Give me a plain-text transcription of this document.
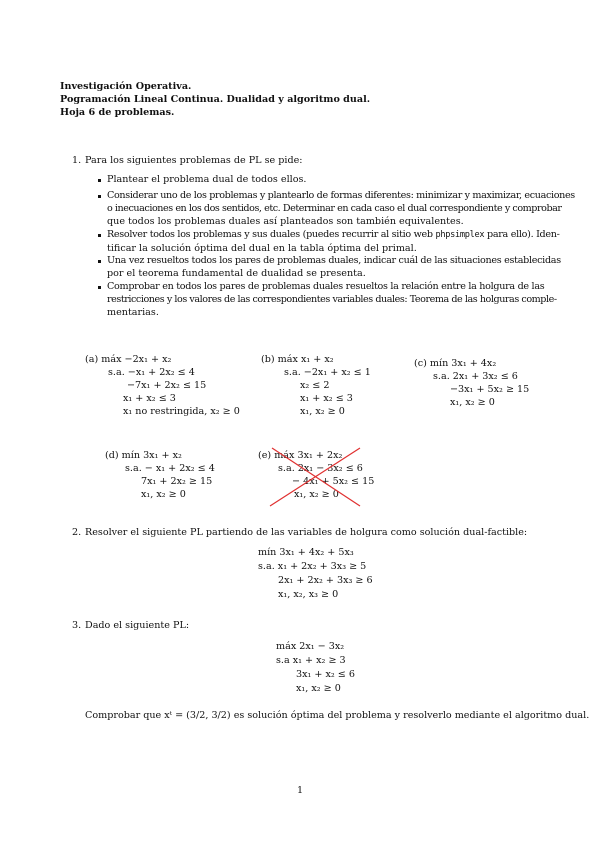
Investigación Operativa.
Pogramación Lineal Continua. Dualidad y algoritmo dual.
Hoja 6 de problemas.
1. Para los siguientes problemas de PL se pide:
Plantear el problema dual de todos ellos.
Considerar uno de los problemas y plantearlo de formas diferentes: minimizar y maximizar, ecuaciones
o inecuaciones en los dos sentidos, etc. Determinar en cada caso el dual correspondiente y comprobar
que todos los problemas duales así planteados son también equivalentes.
Resolver todos los problemas y sus duales (puedes recurrir al sitio web phpsimplex para ello). Iden-
tificar la solución óptima del dual en la tabla óptima del primal.
Una vez resueltos todos los pares de problemas duales, indicar cuál de las situaciones establecidas
por el teorema fundamental de dualidad se presenta.
Comprobar en todos los pares de problemas duales resueltos la relación entre la holgura de las
restricciones y los valores de las correspondientes variables duales: Teorema de las holguras comple-
mentarias.
(a) máx −2x₁ + x₂
s.a. −x₁ + 2x₂ ≤ 4
−7x₁ + 2x₂ ≤ 15
x₁ + x₂ ≤ 3
x₁ no restringida, x₂ ≥ 0
(b) máx x₁ + x₂
s.a. −2x₁ + x₂ ≤ 1
x₂ ≤ 2
x₁ + x₂ ≤ 3
x₁, x₂ ≥ 0
(c) mín 3x₁ + 4x₂
s.a. 2x₁ + 3x₂ ≤ 6
−3x₁ + 5x₂ ≥ 15
x₁, x₂ ≥ 0
(d) mín 3x₁ + x₂
s.a. − x₁ + 2x₂ ≤ 4
7x₁ + 2x₂ ≥ 15
x₁, x₂ ≥ 0
(e) máx 3x₁ + 2x₂
s.a. 2x₁ − 3x₂ ≤ 6
− 4x₁ + 5x₂ ≤ 15
x₁, x₂ ≥ 0
2. Resolver el siguiente PL partiendo de las variables de holgura como solución dual-factible:
mín 3x₁ + 4x₂ + 5x₃
s.a. x₁ + 2x₂ + 3x₃ ≥ 5
2x₁ + 2x₂ + 3x₃ ≥ 6
x₁, x₂, x₃ ≥ 0
3. Dado el siguiente PL:
máx 2x₁ − 3x₂
s.a x₁ + x₂ ≥ 3
3x₁ + x₂ ≤ 6
x₁, x₂ ≥ 0
Comprobar que xᵗ = (3/2, 3/2) es solución óptima del problema y resolverlo mediante el algoritmo dual.
1
